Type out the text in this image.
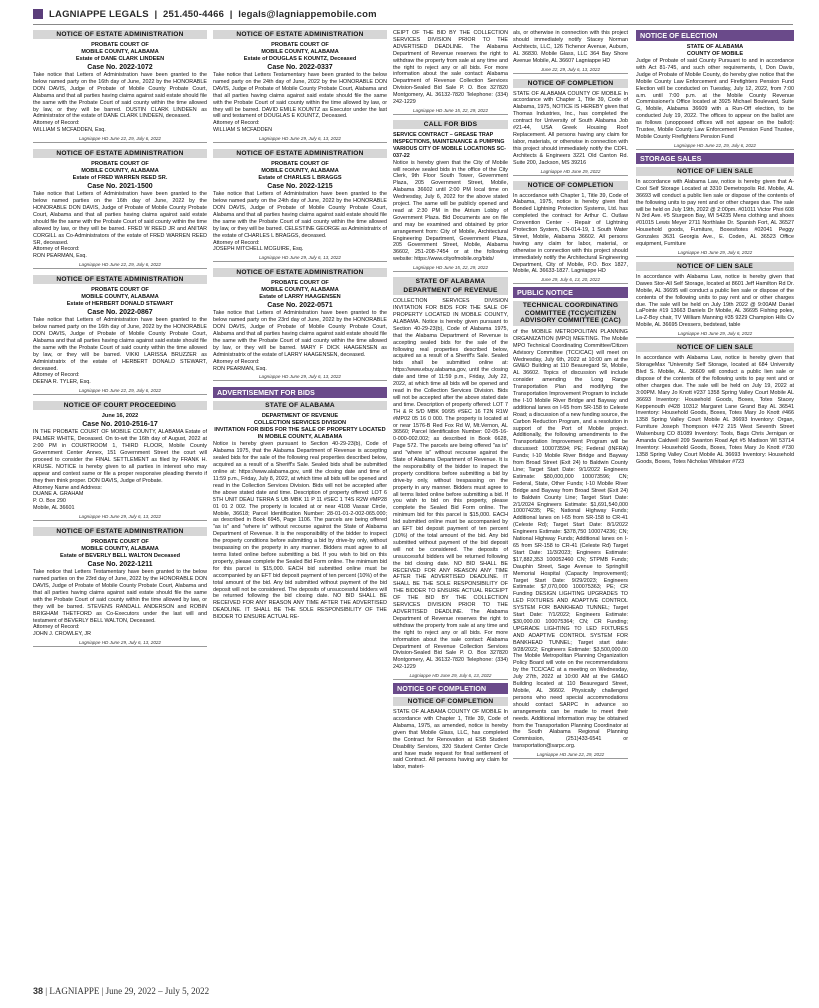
LAGNIAPPE LEGALS | 251.450-4466 | legals@lagniappemobile.com
NOTICE OF ESTATE ADMINISTRATION
PROBATE COURT OF
MOBILE COUNTY, ALABAMA
Estate of DANE CLARK LINDEEN
Case No. 2022-1072
Take notice that Letters of Administration have been granted to the below named party on the 16th day of June, 2022 by the HONORABLE DON DAVIS, Judge of Probate of Mobile County Probate Court, Alabama and that all parties having claims against said estate should file the same with the Probate Court of said county within the time allowed by law, or they will be barred. DUSTIN CLARK LINDEEN as Administrator of the estate of DANE CLARK LINDEEN, deceased.
Attorney of Record:
WILLIAM S MCFADDEN, Esq.
Lagniappe HD June 22, 29, July 6, 2022
NOTICE OF ESTATE ADMINISTRATION
PROBATE COURT OF
MOBILE COUNTY, ALABAMA
Estate of FRED WARREN REED SR.
Case No. 2021-1500
Take notice that Letters of Administration have been granted to the below named parties on the 16th day of June, 2022 by the HONORABLE DON DAVIS, Judge of Probate of Mobile County Probate Court, Alabama and that all parties having claims against said estate should file the same with the Probate Court of said county within the time allowed by law, or they will be barred. FRED W REED JR and ANITAR CORGILL as Co-Administrators of the estate of FRED WARREN REED SR, deceased.
Attorney of Record:
RON PEARMAN, Esq.
Lagniappe HD June 22, 29, July 6, 2022
NOTICE OF ESTATE ADMINISTRATION
PROBATE COURT OF
MOBILE COUNTY, ALABAMA
Estate of HERBERT DONALD STEWART
Case No. 2022-0867
Take notice that Letters of Administration have been granted to the below named party on the 16th day of June, 2022 by the HONORABLE DON DAVIS, Judge of Probate of Mobile County Probate Court, Alabama and that all parties having claims against said estate should file the same with the Probate Court of said county within the time allowed by law, or they will be barred. VIKKI LARISSA BRUZZER as Administratrix of the estate of HERBERT DONALD STEWART, deceased.
Attorney of Record:
DEENA R. TYLER, Esq.
Lagniappe HD June 22, 29, July 6, 2022
NOTICE OF COURT PROCEEDING
June 16, 2022
Case No. 2010-2516-17
IN THE PROBATE COURT OF MOBILE COUNTY, ALABAMA Estate of PALMER WHITE, Deceased. On to-wit the 16th day of August, 2022 at 2:00 PM in COURTROOM 1, THIRD FLOOR, Mobile County Government Center Annex, 151 Government Street the court will proceed to consider the FINAL SETTLEMENT as filed by FRANK H. KRUSE. NOTICE is hereby given to all parties in interest who may appear and contest same or file a proper responsive pleading thereto if they then think proper. DON DAVIS, Judge of Probate.
Attorney Name and Address:
DUANE A. GRAHAM
P. O. Box 290
Mobile, AL 36601
Lagniappe HD June 29, July 6, 13, 2022
NOTICE OF ESTATE ADMINISTRATION
PROBATE COURT OF
MOBILE COUNTY, ALABAMA
Estate of BEVERLY BELL WALTON Deceased
Case No. 2022-1211
Take notice that Letters Testamentary have been granted to the below named parties on the 23rd day of June, 2022 by the HONORABLE DON DAVIS, Judge of Probate of Mobile County Probate Court, Alabama and that all parties having claims against said estate should file the same with the Probate Court of said county within the time allowed by law, or they will be barred. STEVENS RANDALL ANDERSON and ROBIN BRIGHAM THETFORD as Co-Executors under the last will and testament of BEVERLY BELL WALTON, Deceased.
Attorney of Record:
JOHN J. CROWLEY, JR
Lagniappe HD June 29, July 6, 13, 2022
NOTICE OF ESTATE ADMINISTRATION
PROBATE COURT OF
MOBILE COUNTY, ALABAMA
Estate of DOUGLAS E KOUNTZ, Deceased
Case No. 2022-0337
Take notice that Letters Testamentary have been granted to the below named party on the 24th day of June, 2022 by the HONORABLE DON DAVIS, Judge of Probate of Mobile County Probate Court, Alabama and that all parties having claims against said estate should file the same with the Probate Court of said county within the time allowed by law, or they will be barred. DAVID EMILE KOUNTZ as Executor under the last will and testament of DOUGLAS E KOUNTZ, Deceased.
Attorney of Record:
WILLIAM S MCFADDEN
Lagniappe HD June 29, July 6, 13, 2022
NOTICE OF ESTATE ADMINISTRATION
PROBATE COURT OF
MOBILE COUNTY, ALABAMA
Estate of CHARLES L BRAGGS
Case No. 2022-1215
Take notice that Letters of Administration have been granted to the below named party on the 24th day of June, 2022 by the HONORABLE DON DAVIS, Judge of Probate of Mobile County Probate Court, Alabama and that all parties having claims against said estate should file the same with the Probate Court of said county within the time allowed by law, or they will be barred. CELESTINE GEORGE as Administratrix of the estate of CHARLES L BRAGGS, deceased.
Attorney of Record:
JOSEPH MITCHELL MCGUIRE, Esq.
Lagniappe HD June 29, July 6, 13, 2022
NOTICE OF ESTATE ADMINISTRATION
PROBATE COURT OF
MOBILE COUNTY, ALABAMA
Estate of LARRY HAAGENSEN
Case No. 2022-0571
Take notice that Letters of Administration have been granted to the below named party on the 23rd day of June, 2022 by the HONORABLE DON DAVIS, Judge of Probate of Mobile County Probate Court, Alabama and that all parties having claims against said estate should file the same with the Probate Court of said county within the time allowed by law, or they will be barred. MARY F DICK HAAGENSEN as Administratrix of the estate of LARRY HAAGENSEN, deceased.
Attorney of Record:
RON PEARMAN, Esq.
Lagniappe HD June 29, July 6, 13, 2022
ADVERTISEMENT FOR BIDS
STATE OF ALABAMA
DEPARTMENT OF REVENUE
COLLECTION SERVICES DIVISION
INVITATION FOR BIDS FOR THE SALE OF PROPERTY LOCATED IN MOBILE COUNTY, ALABAMA
Notice is hereby given pursuant to Section 40-29-23(b), Code of Alabama 1975, that the Alabama Department of Revenue is accepting sealed bids for the sale of the following real properties described below, acquired as a result of a Sheriff's Sale. Sealed bids shall be submitted online at: https://www.alabama.gov, until the closing date and time of 11:59 p.m., Friday, July 8, 2022, at which time all bids will be opened and read in the Collection Services Division. Bids will not be accepted after the above stated date and time. Description of property offered: LOT 6 5TH UNIT DEAU TERRA S UB MBK 11 P 11 #SEC 1 T4S R2W #MP28 01 01 2 002. The property is located at or near 4108 Vassar Circle, Mobile, 36618; Parcel Identification Number: 28-01-01-2-002-065.000; as described in Book 6945, Page 1106. The parcels are being offered "as is" and "where is" without recourse against the State of Alabama Department of Revenue. It is the responsibility of the bidder to inspect the property conditions before submitting a bid by drive-by only, without trespassing on the property in any manner. Bidders must agree to all terms listed online before submitting a bid. If you wish to bid on this property, please complete the Sealed Bid Form online. The minimum bid for this parcel is $15,000. EACH bid submitted online must be accompanied by an EFT bid deposit payment of ten percent (10%) of the total amount of the bid. Any bid submitted without payment of the bid deposit will not be considered. The deposits of unsuccessful bidders will be returned following the bid closing date. NO BID SHALL BE RECEIVED FOR ANY REASON ANY TIME AFTER THE ADVERTISED DEADLINE. IT SHALL BE THE SOLE RESPONSIBILITY OF THE BIDDER TO ENSURE ACTUAL RE-
CEIPT OF THE BID BY THE COLLECTION SERVICES DIVISION PRIOR TO THE ADVERTISED DEADLINE. The Alabama Department of Revenue reserves the right to withdraw the property from sale at any time and the right to reject any or all bids. For more information about the sale contact: Alabama Department of Revenue Collection Services Division-Sealed Bid Sale P. O. Box 327820 Montgomery, AL 36132-7820 Telephone: (334) 242-1229
Lagniappe HD June 15, 22, 29, 2022
CALL FOR BIDS
SERVICE CONTRACT – GREASE TRAP INSPECTIONS, MAINTENANCE & PUMPING VARIOUS CITY OF MOBILE LOCATIONS SC-037-22
Notice is hereby given that the City of Mobile will receive sealed bids in the office of the City Clerk, 9th Floor South Tower, Government Plaza, 205 Government Street, Mobile, Alabama 36602 until 2:00 PM local time on Wednesday, July 6, 2022 for the above stated project. The same will be publicly opened and read at 2:30 PM in the Atrium Lobby of Government Plaza. Bid Documents are on file and may be examined and obtained by prior arrangement from: City of Mobile, Architectural Engineering Department, Government Plaza, 205 Government Street, Mobile, Alabama 36602, 251-208-7454 or at the following website: https://www.cityofmobile.org/bids/
Lagniappe HD June 15, 22, 29, 2022
STATE OF ALABAMA DEPARTMENT OF REVENUE
COLLECTION SERVICES DIVISION INVITATION FOR BIDS FOR THE SALE OF PROPERTY LOCATED IN MOBILE COUNTY, ALABAMA. Notice is hereby given pursuant to Section 40-29-23(b), Code of Alabama 1975, that the Alabama Department of Revenue is accepting sealed bids for the sale of the following real properties described below, acquired as a result of a Sheriff's Sale. Sealed bids shall be submitted online at: https://www.ebuy.alabama.gov, until the closing date and time of 11:59 p.m., Friday, July 22, 2022, at which time all bids will be opened and read in the Collection Services Division. Bids will not be accepted after the above stated date and time. Description of property offered: LOT 7 TH & R S/D MBK 90/95 #SEC 16 T2N R1W #MP02 05 16 0 000. The property is located at or near 1576-B Red Fox Rd W, Mt.Vernon, AL 36560; Parcel Identification Number: 02-05-16-0-000-002.002; as described in Book 6628, Page 572. The parcels are being offered "as is" and "where is" without recourse against the State of Alabama Department of Revenue. It is the responsibility of the bidder to inspect the property conditions before submitting a bid by drive-by only, without trespassing on the property in any manner. Bidders must agree to all terms listed online before submitting a bid. If you wish to bid on this property, please complete the Sealed Bid Form online. The minimum bid for this parcel is $15,000. EACH bid submitted online must be accompanied by an EFT bid deposit payment of ten percent (10%) of the total amount of the bid. Any bid submitted without payment of the bid deposit will not be considered. The deposits of unsuccessful bidders will be returned following the bid closing date. NO BID SHALL BE RECEIVED FOR ANY REASON ANY TIME AFTER THE ADVERTISED DEADLINE. IT SHALL BE THE SOLE RESPONSIBILITY OF THE BIDDER TO ENSURE ACTUAL RECEIPT OF THE BID BY THE COLLECTION SERVICES DIVISION PRIOR TO THE ADVERTISED DEADLINE. The Alabama Department of Revenue reserves the right to withdraw the property from sale at any time and the right to reject any or all bids. For more information about the sale contact: Alabama Department of Revenue Collection Services Division-Sealed Bid Sale P. O. Box 327820 Montgomery, AL 36132-7820 Telephone: (334) 242-1229
Lagniappe HD June 29, July 6, 13, 2022
NOTICE OF COMPLETION
NOTICE OF COMPLETION
STATE OF ALABAMA COUNTY OF MOBILE In accordance with Chapter 1, Title 39, Code of Alabama, 1975, as amended, notice is hereby given that Mobile Glass, LLC, has completed the Contract for Renovation at ESB Student Disability Services, 320 Student Center Circle and have made request for final settlement of said Contract. All persons having any claim for labor, materi-
als, or otherwise in connection with this project should immediately notify Stacey Norman Architects, LLC, 126 Tichenor Avenue, Auburn, AL 36830. Mobile Glass, LLC 364 Bay Shore Avenue Mobile, AL 36607 Lagniappe HD
June 22, 29, July 6, 13, 2022
NOTICE OF COMPLETION
STATE OF ALABAMA COUNTY OF MOBILE In accordance with Chapter 1, Title 39, Code of Alabama, 1975, NOTICE IS HEREBY given that Thomas Industries, Inc., has completed the contract for University of South Alabama Job #21-44, USA Greek Housing Roof Replacement. All persons having any claim for labor, materials, or otherwise in connection with this project should immediately notify the CDFL Architects & Engineers 3221 Old Canton Rd. Suite 200, Jackson, MS 39216
Lagniappe HD June 29, 2022
NOTICE OF COMPLETION
In accordance with Chapter 1, Title 39, Code of Alabama, 1975, notice is hereby given that Bonded Lightning Protection Systems, Ltd. has completed the contract for Arthur C. Outlaw Convention Center - Repair of Lightning Protection System, CN-014-19, 1 South Water Street, Mobile, Alabama 36602. All persons having any claim for labor, material, or otherwise in connection with this project should immediately notify the Architectural Engineering Department, City of Mobile, P.O. Box 1827, Mobile, AL 36633-1827. Lagniappe HD
June 29, July 6, 13, 20, 2022
PUBLIC NOTICE
TECHNICAL COORDINATING COMMITTEE (TCC)/CITIZEN ADVISORY COMMITTEE (CAC)
of the MOBILE METROPOLITAN PLANNING ORGANIZATION (MPO) MEETING. The Mobile MPO Technical Coordinating Committee/Citizen Advisory Committee (TCC/CAC) will meet on Wednesday, July 6th, 2022 at 10:00 am at the GM&O Building at 110 Beauregard St, Mobile, AL 36602. Topics of discussion will include consider amending the Long Range Transportation Plan and modifying the Transportation Improvement Program to include the I-10 Mobile River Bridge and Bayway and additional lanes on I-65 from SR-158 to Celeste Road; a discussion of a new funding source, the Carbon Reduction Program, and a resolution in support of the Port of Mobile project. Additionally, the following amendments to the Transportation Improvement Program will be discussed: 100073594; PE; Federal (INFRA) Funds; I-10 Mobile River Bridge and Bayway from Broad Street (Exit 24) to Baldwin County Line; Target Start Date: 9/1/2022 Engineers Estimate: $80,000,000 100073596; CN; Federal, State, Other Funds; I-10 Mobile River Bridge and Bayway from Broad Street (Exit 24) to Baldwin County Line; Target Start Date: 2/1/2024 Engineers Estimate: $1,691,540,000 100074235; PE; National Highway Funds; Additional lanes on I-65 from SR-158 to CR-41 (Celeste Rd); Target Start Date: 8/1/2022 Engineers Estimate: $378,750 100074236; CN; National Highway Funds; Additional lanes on I-65 from SR-158 to CR-41 (Celeste Rd) Target Start Date: 11/3/2023; Engineers Estimate: $17,882,353 100052460 CN; STPMB Funds; Dauphin Street, Sage Avenue to Springhill Memorial Hospital (Capacity Improvement); Target Start Date: 9/29/2023; Engineers Estimate: $7,070,000 100075363; PE; CR Funding DESIGN LIGHTING UPGRADES TO LED FIXTURES AND ADAPTIVE CONTROL SYSTEM FOR BANKHEAD TUNNEL; Target Start Date: 7/1/2022; Engineers Estimate: $30,000.00 100075364; CN; CR Funding; UPGRADE LIGHTING TO LED FIXTURES AND ADAPTIVE CONTROL SYSTEM FOR BANKHEAD TUNNEL; Target start date: 9/28/2022; Engineers Estimate: $3,500,000.00 The Mobile Metropolitan Planning Organization Policy Board will vote on the recommendations by the TCC/CAC at a meeting on Wednesday, July 27th, 2022 at 10:00 AM at the GM&O Building located at 110 Beauregard Street, Mobile, AL 36602. Physically challenged persons who need special accommodations should contact SARPC in advance so arrangements can be made to meet their needs. Additional information may be obtained from the Transportation Planning Coordinator at the South Alabama Regional Planning Commission, (251)433-6541 or transportation@sarpc.org.
Lagniappe HD June 22, 29, 2022
NOTICE OF ELECTION
STATE OF ALABAMA
COUNTY OF MOBILE
Judge of Probate of said County Pursuant to and in accordance with Act 81-745, and such other requirements, I, Don Davis, Judge of Probate of Mobile County, do hereby give notice that the Mobile County Law Enforcement and Firefighters Pension Fund Election will be conducted on Tuesday, July 12, 2022, from 7:00 a.m. until 7:00 p.m. at the Mobile County Revenue Commissioner's Office located at 3925 Michael Boulevard, Suite G, Mobile, Alabama 36609 with a Run-Off election, to be conducted July 19, 2022. The offices to appear on the ballot are as follows (unopposed offices will not appear on the ballot): Trustee, Mobile County Law Enforcement Pension Fund Trustee, Mobile County Firefighters Pension Fund
Lagniappe HD June 22, 29, July 6, 2022
STORAGE SALES
NOTICE OF LIEN SALE
In accordance with Alabama Law, notice is hereby given that A-Cool Self Storage Located at 3310 Demetropolis Rd. Mobile, AL 36693 will conduct a public lien sale or dispose of the contents of the following units to pay rent and or other charges due. The sale will be held on July 19th, 2022 @ 2:00pm. #01011 Victor Phiri 608 N 3rd Ave. #5 Sturgeon Bay, WI 54235 Mens clothing and shoes #01015 Lewis Meyer 2711 Northlake Dr. Spanish Fort, AL 36527 Household goods, Furniture, Boxes/totes #02041 Peggy Gonzales 3631 Georgia Ave., E. Coden, AL 36523 Office equipment, Furniture
Lagniappe HD June 29, July 6, 2022
NOTICE OF LIEN SALE
In accordance with Alabama Law, notice is hereby given that Dawes Stor-All Self Storage, located at 8601 Jeff Hamilton Rd Dr. Mobile, AL 36695 will conduct a public lien sale or dispose of the contents of the following units to pay rent and or other charges due. The sale will be held on July 19th 2022 @ 9:00AM Daniel LaPointe #19 13663 Daniels Dr Mobile, AL 36695 Fishing poles, La-Z-Boy chair, TV William Manning #35 9229 Champion Hills Cv Mobile, AL 36695 Dressers, bedstead, table
Lagniappe HD June 29, July 6, 2022
NOTICE OF LIEN SALE
In accordance with Alabama Law, notice is hereby given that StorageMax "University Self Storage, located at 684 University Blvd S. Mobile, AL. 36609 will conduct a public lien sale or dispose of the contents of the following units to pay rent and or other charges due. The sale will be held on July 19, 2022 at 3:00PM. Mary Jo Knott #237 1358 Spring Valley Court Mobile AL 36693 Inventory: Household Goods, Boxes, Totes Stacey Keppenouth #428 10312 Margaret Lane Grand Bay AL 36541 Inventory: Household Goods, Boxes, Totes Mary Jo Knott #466 1358 Spring Valley Court Mobile AL 36693 Inventory: Organ, Furniture Joseph Thompson #472 215 West Seventh Street Walsenburg CO 81089 Inventory: Tools, Bags Chris Jernigan or Amanda Caldwell 209 Swanton Road Apt #5 Madison WI 53714 Inventory: Household Goods, Boxes, Totes Mary Jo Knott #730 1358 Spring Valley Court Mobile AL 36693 Inventory: Household Goods, Boxes, Totes Nicholas Whitaker #723
38 | LAGNIAPPE | June 29, 2022 – July 5, 2022
